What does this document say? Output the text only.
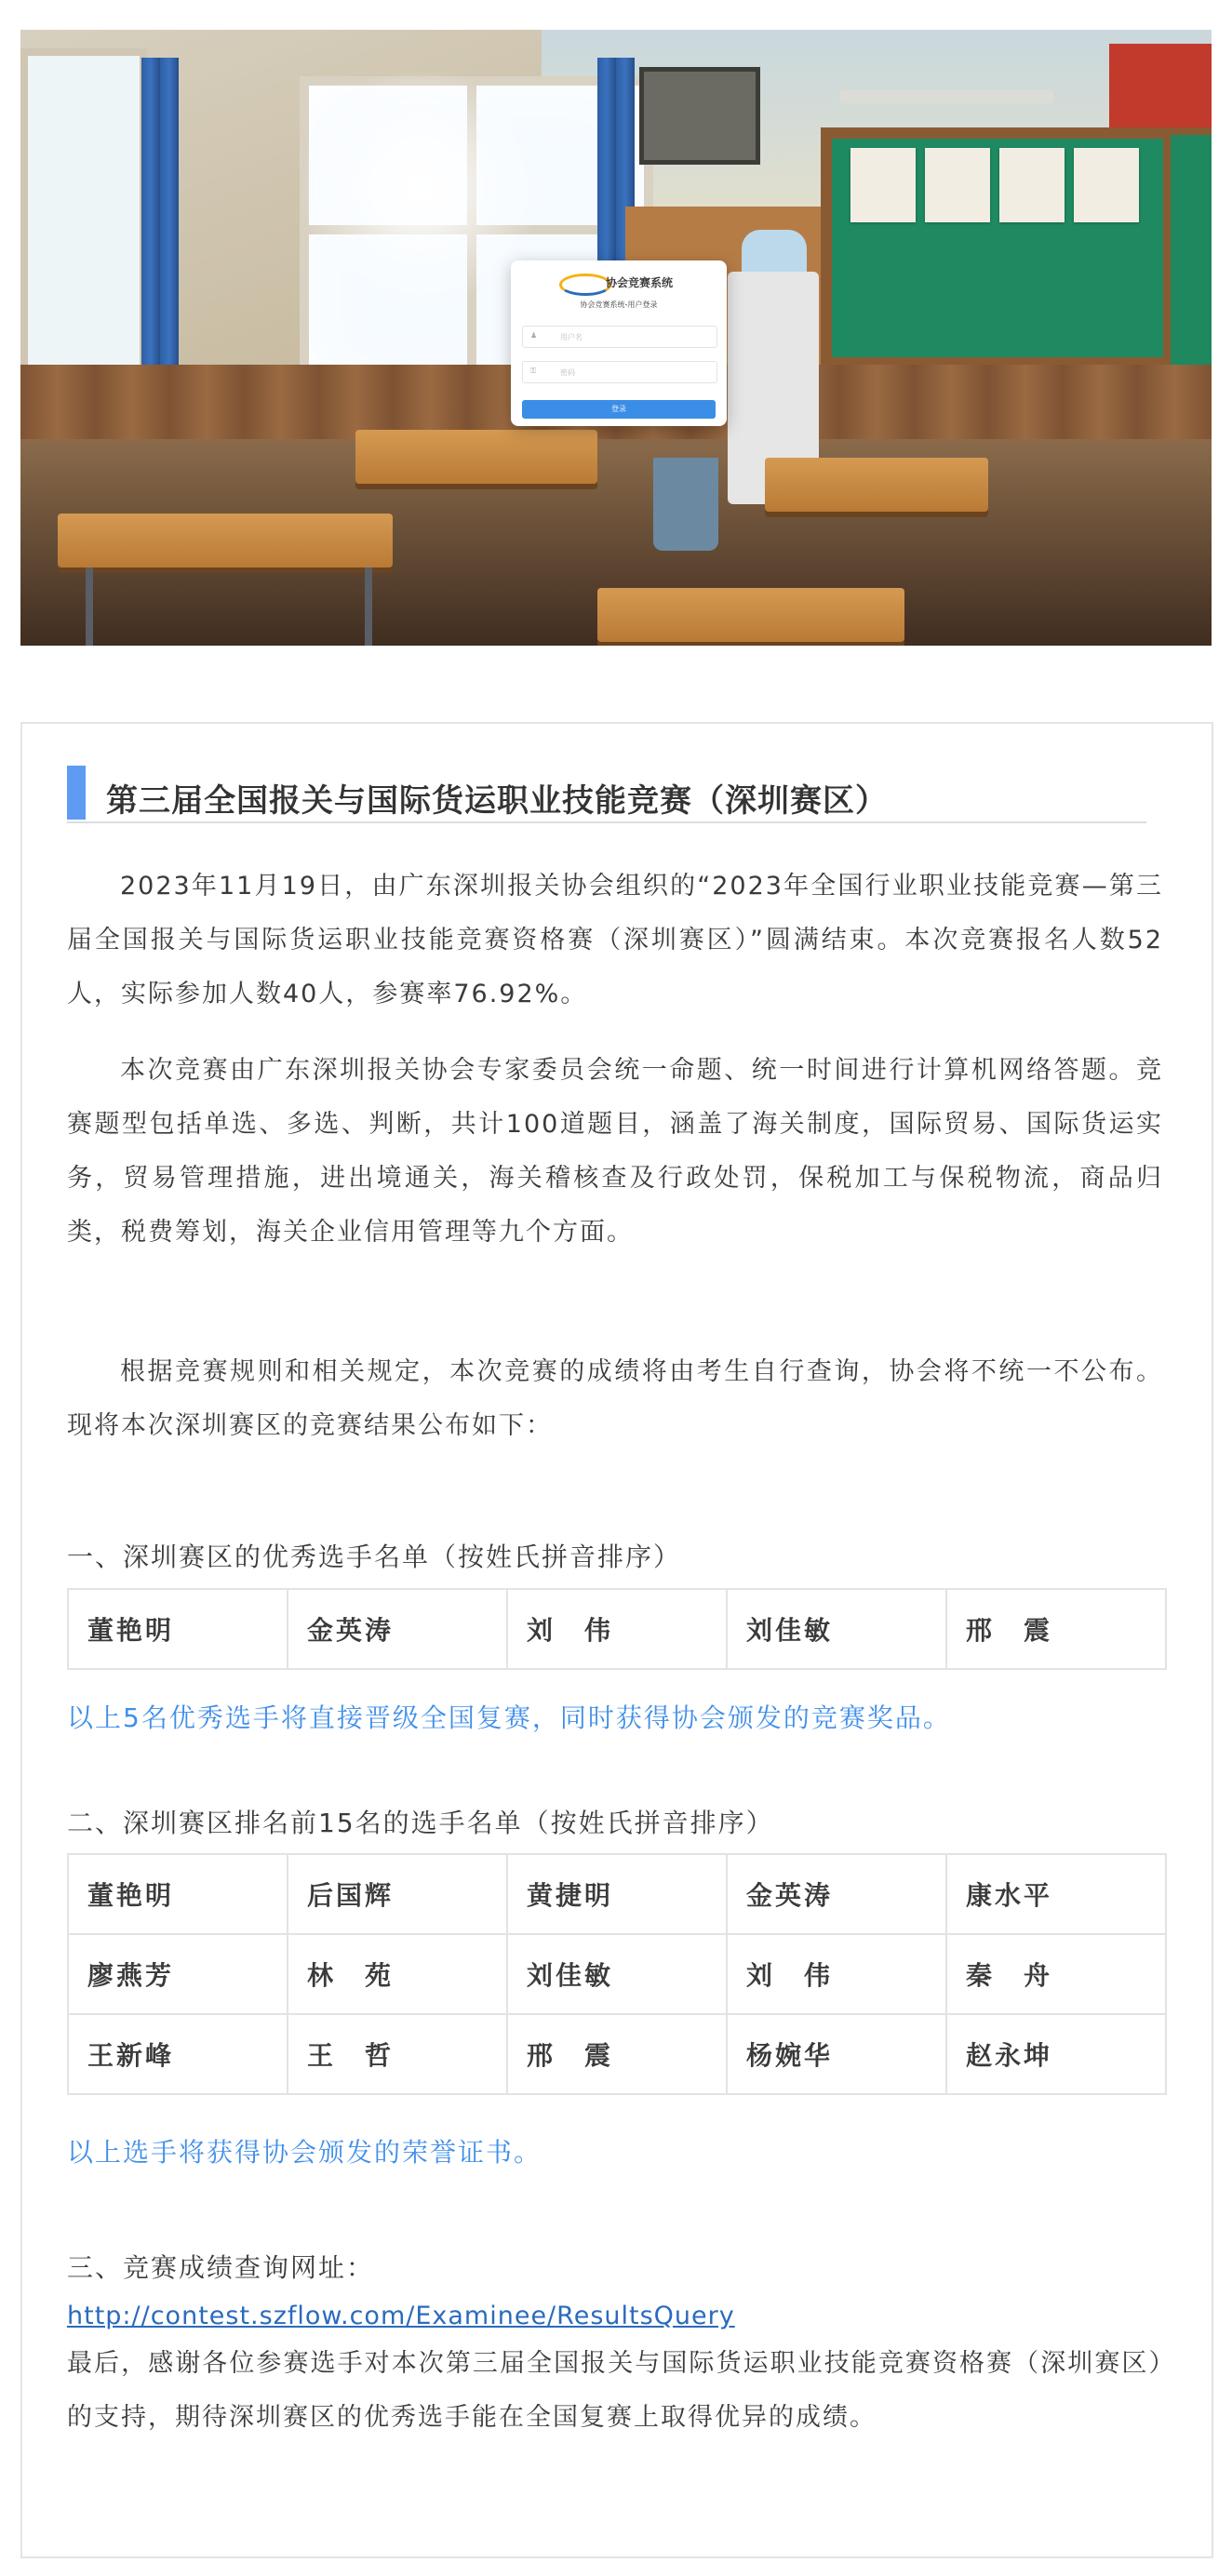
协会竞赛系统
协会竞赛系统-用户登录
♟	用户名
⚿	密码
登录
第三届全国报关与国际货运职业技能竞赛（深圳赛区）
2023年11月19日，由广东深圳报关协会组织的“2023年全国行业职业技能竞赛—第三届全国报关与国际货运职业技能竞赛资格赛（深圳赛区）”圆满结束。本次竞赛报名人数52人，实际参加人数40人，参赛率76.92%。
本次竞赛由广东深圳报关协会专家委员会统一命题、统一时间进行计算机网络答题。竞赛题型包括单选、多选、判断，共计100道题目，涵盖了海关制度，国际贸易、国际货运实务，贸易管理措施，进出境通关，海关稽核查及行政处罚，保税加工与保税物流，商品归类，税费筹划，海关企业信用管理等九个方面。
根据竞赛规则和相关规定，本次竞赛的成绩将由考生自行查询，协会将不统一不公布。现将本次深圳赛区的竞赛结果公布如下：
一、深圳赛区的优秀选手名单（按姓氏拼音排序）
董艳明	金英涛	刘　伟	刘佳敏	邢　震
以上5名优秀选手将直接晋级全国复赛，同时获得协会颁发的竞赛奖品。
二、深圳赛区排名前15名的选手名单（按姓氏拼音排序）
董艳明	后国辉	黄捷明	金英涛	康水平
廖燕芳	林　苑	刘佳敏	刘　伟	秦　舟
王新峰	王　哲	邢　震	杨婉华	赵永坤
以上选手将获得协会颁发的荣誉证书。
三、竞赛成绩查询网址：
http://contest.szflow.com/Examinee/ResultsQuery
最后，感谢各位参赛选手对本次第三届全国报关与国际货运职业技能竞赛资格赛（深圳赛区）的支持，期待深圳赛区的优秀选手能在全国复赛上取得优异的成绩。
